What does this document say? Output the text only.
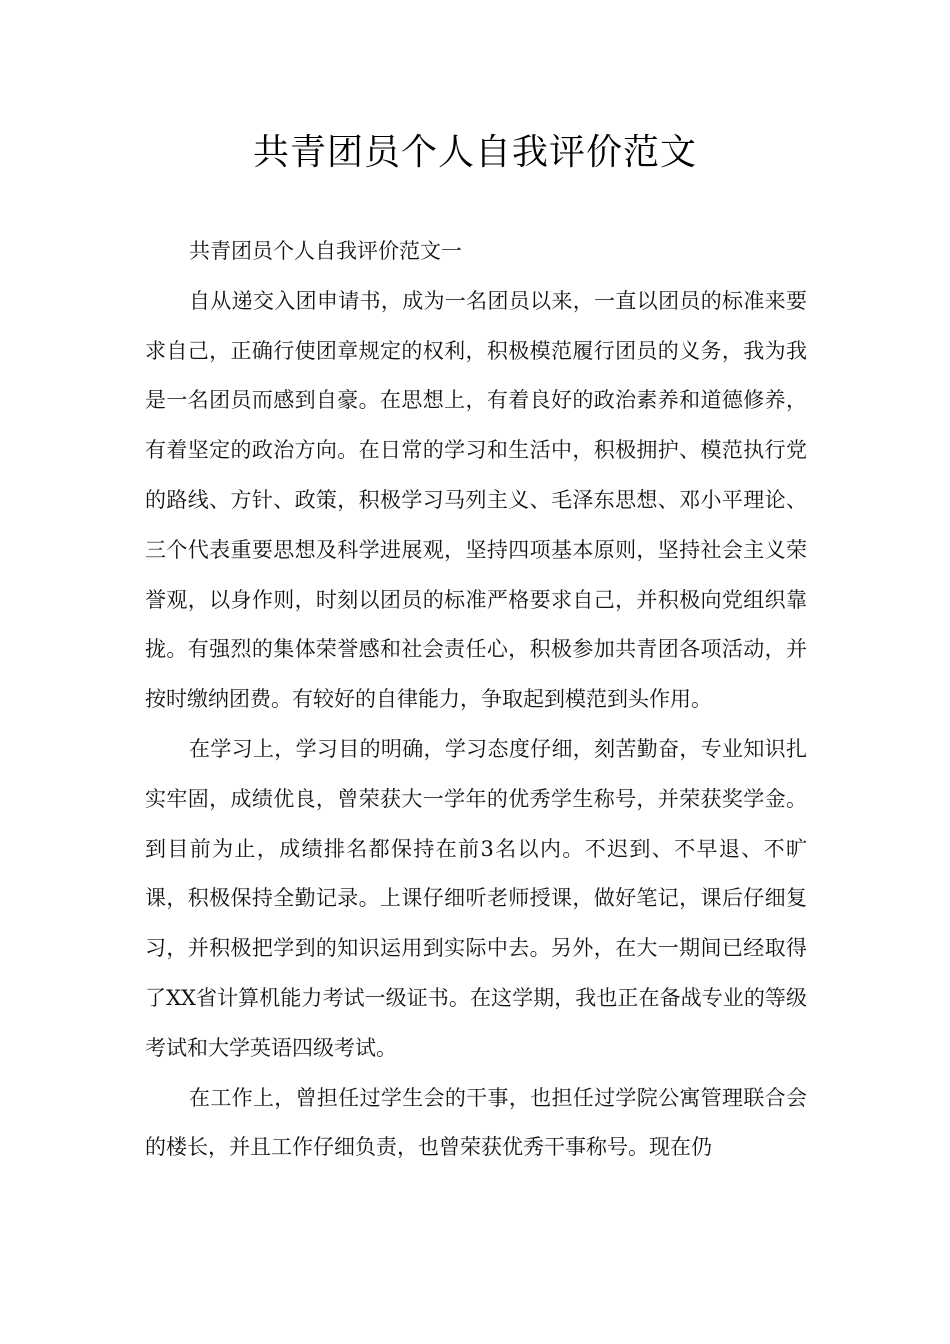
共青团员个人自我评价范文

共青团员个人自我评价范文一

自从递交入团申请书，成为一名团员以来，一直以团员的标准来要求自己，正确行使团章规定的权利，积极模范履行团员的义务，我为我是一名团员而感到自豪。在思想上，有着良好的政治素养和道德修养，有着坚定的政治方向。在日常的学习和生活中，积极拥护、模范执行党的路线、方针、政策，积极学习马列主义、毛泽东思想、邓小平理论、三个代表重要思想及科学进展观，坚持四项基本原则，坚持社会主义荣誉观，以身作则，时刻以团员的标准严格要求自己，并积极向党组织靠拢。有强烈的集体荣誉感和社会责任心，积极参加共青团各项活动，并按时缴纳团费。有较好的自律能力，争取起到模范到头作用。

在学习上，学习目的明确，学习态度仔细，刻苦勤奋，专业知识扎实牢固，成绩优良，曾荣获大一学年的优秀学生称号，并荣获奖学金。到目前为止，成绩排名都保持在前3名以内。不迟到、不早退、不旷课，积极保持全勤记录。上课仔细听老师授课，做好笔记，课后仔细复习，并积极把学到的知识运用到实际中去。另外，在大一期间已经取得了XX省计算机能力考试一级证书。在这学期，我也正在备战专业的等级考试和大学英语四级考试。

在工作上，曾担任过学生会的干事，也担任过学院公寓管理联合会的楼长，并且工作仔细负责，也曾荣获优秀干事称号。现在仍
